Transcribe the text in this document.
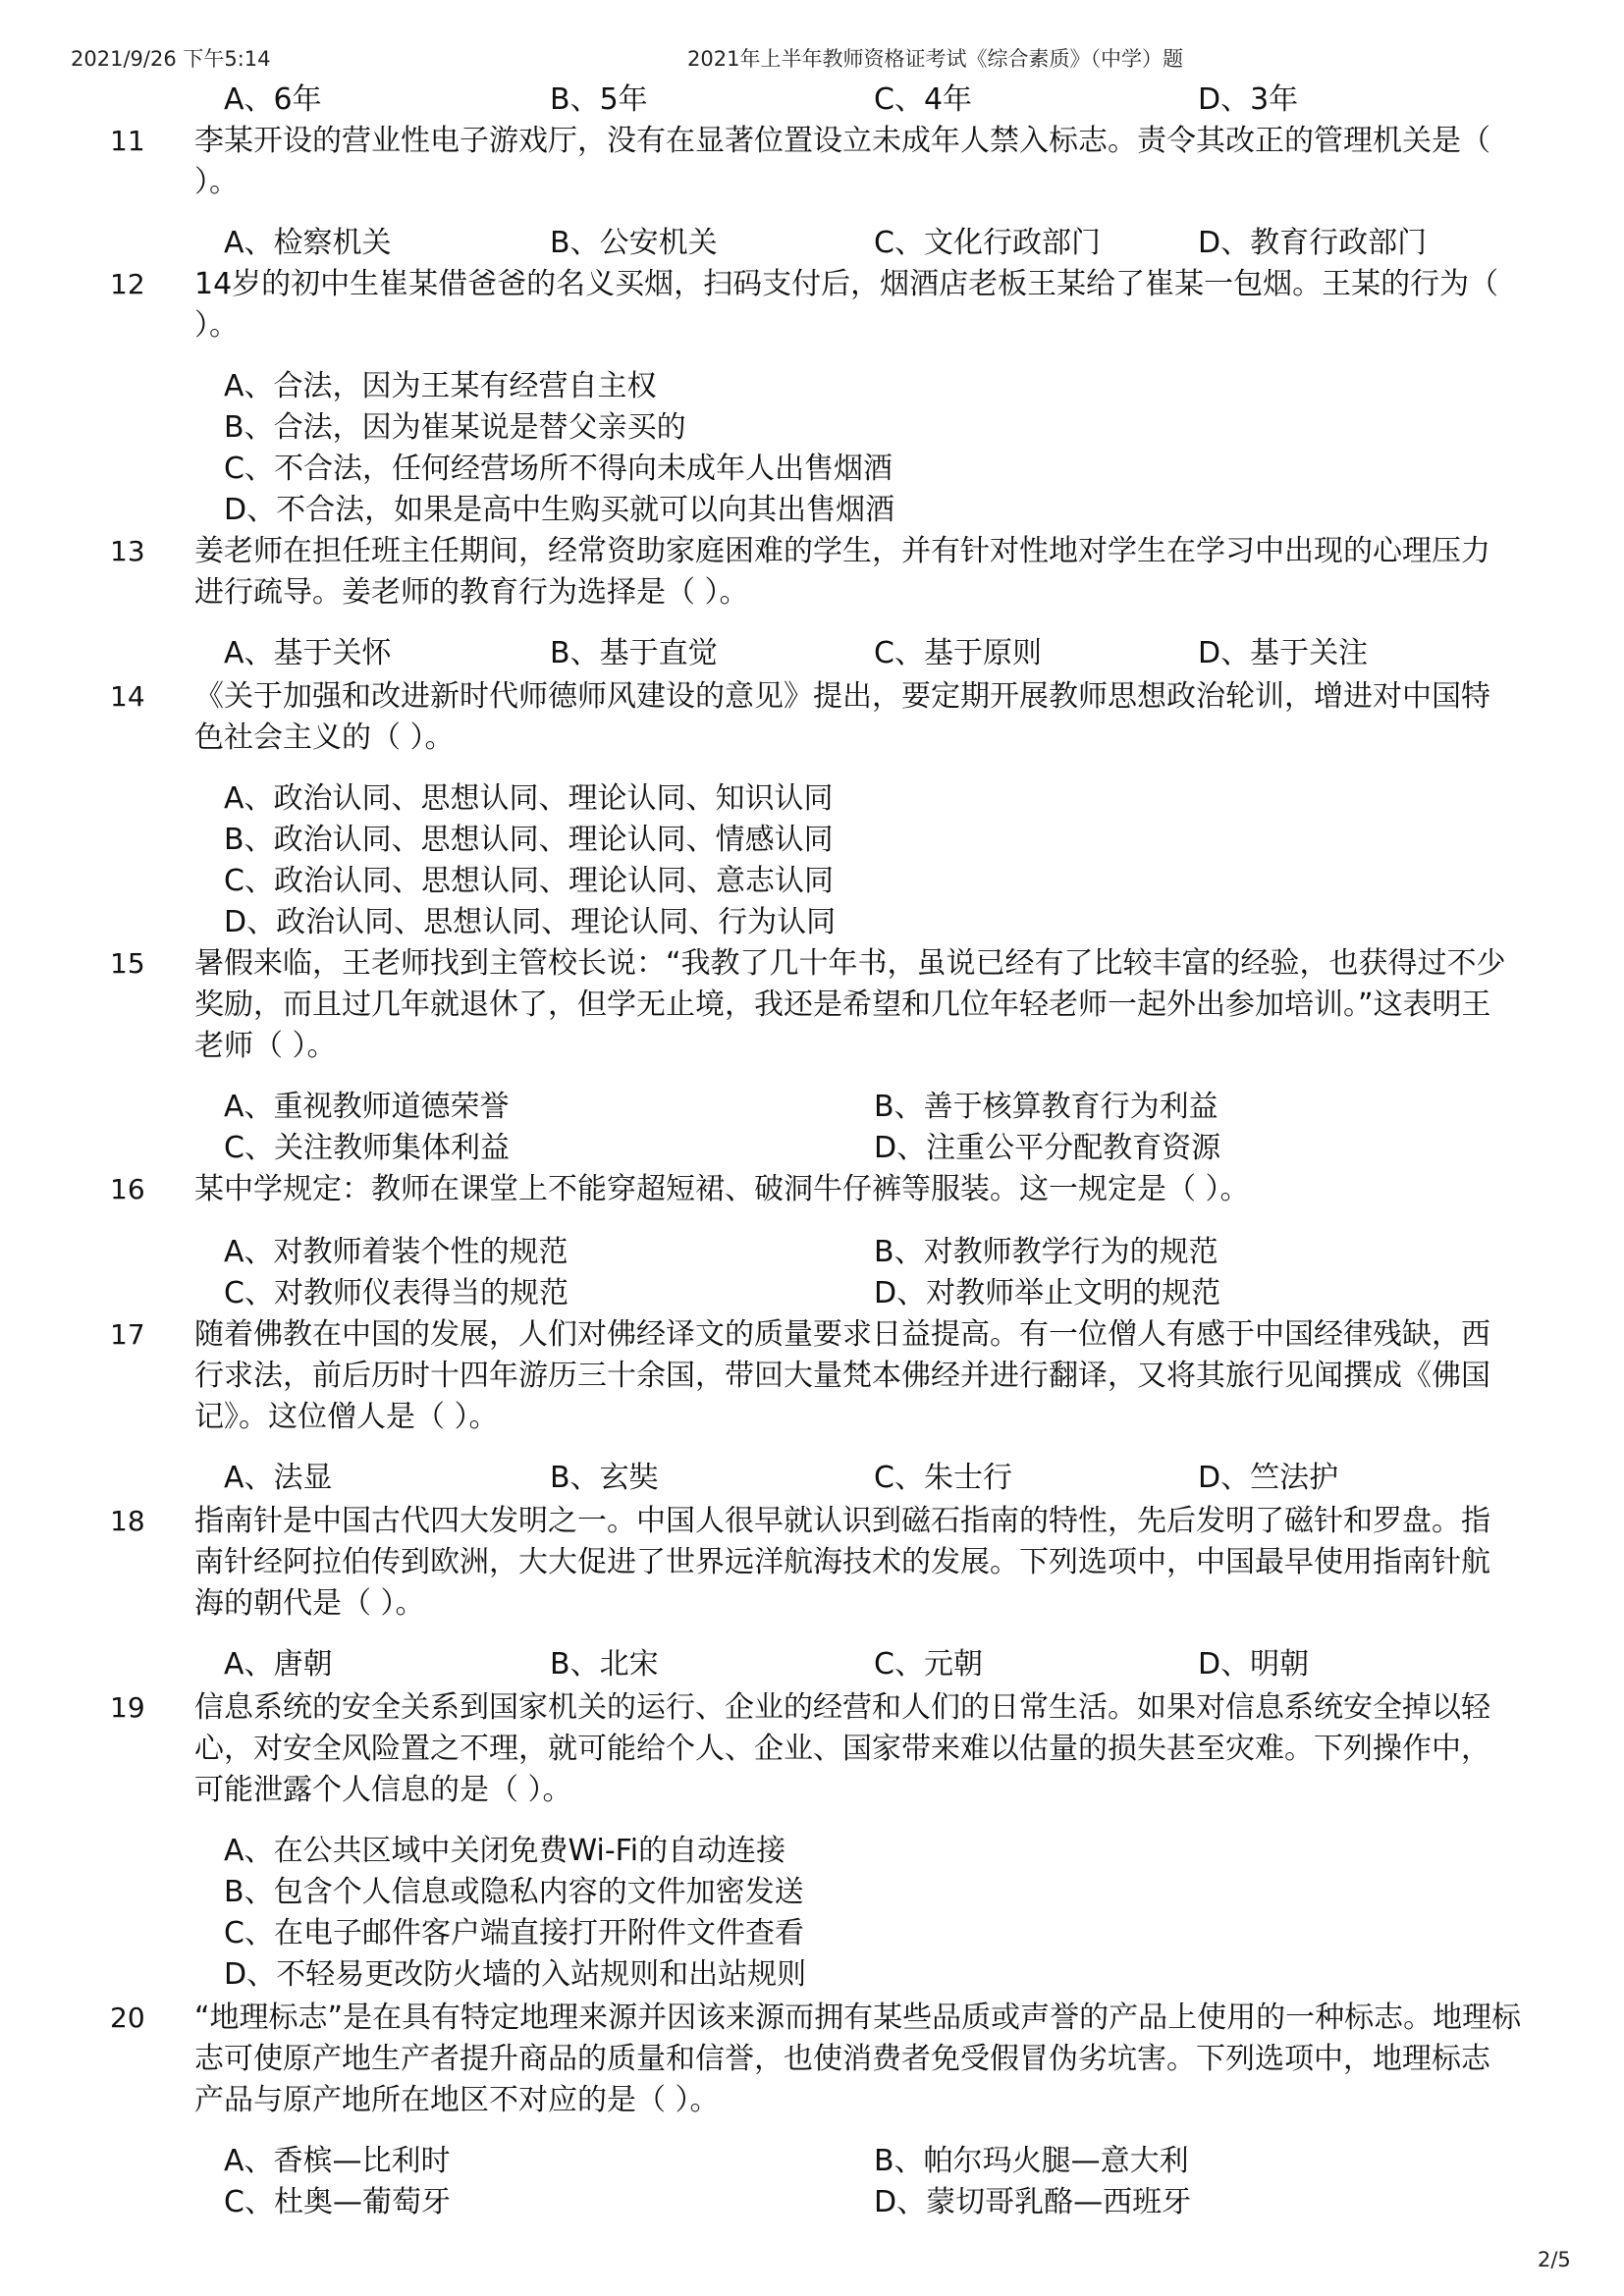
2021/9/26 下午5:14	2021年上半年教师资格证考试《综合素质》（中学）题
A、6年	B、5年	C、4年	D、3年
11 李某开设的营业性电子游戏厅，没有在显著位置设立未成年人禁入标志。责令其改正的管理机关是（
）。
A、检察机关	B、公安机关	C、文化行政部门	D、教育行政部门
12 14岁的初中生崔某借爸爸的名义买烟，扫码支付后，烟酒店老板王某给了崔某一包烟。王某的行为（
）。
A、合法，因为王某有经营自主权
B、合法，因为崔某说是替父亲买的
C、不合法，任何经营场所不得向未成年人出售烟酒
D、不合法，如果是高中生购买就可以向其出售烟酒
13 姜老师在担任班主任期间，经常资助家庭困难的学生，并有针对性地对学生在学习中出现的心理压力
进行疏导。姜老师的教育行为选择是（ ）。
A、基于关怀	B、基于直觉	C、基于原则	D、基于关注
14 《关于加强和改进新时代师德师风建设的意见》提出，要定期开展教师思想政治轮训，增进对中国特
色社会主义的（ ）。
A、政治认同、思想认同、理论认同、知识认同
B、政治认同、思想认同、理论认同、情感认同
C、政治认同、思想认同、理论认同、意志认同
D、政治认同、思想认同、理论认同、行为认同
15 暑假来临，王老师找到主管校长说：“我教了几十年书，虽说已经有了比较丰富的经验，也获得过不少
奖励，而且过几年就退休了，但学无止境，我还是希望和几位年轻老师一起外出参加培训。”这表明王
老师（ ）。
A、重视教师道德荣誉	B、善于核算教育行为利益
C、关注教师集体利益	D、注重公平分配教育资源
16 某中学规定：教师在课堂上不能穿超短裙、破洞牛仔裤等服装。这一规定是（ ）。
A、对教师着装个性的规范	B、对教师教学行为的规范
C、对教师仪表得当的规范	D、对教师举止文明的规范
17 随着佛教在中国的发展，人们对佛经译文的质量要求日益提高。有一位僧人有感于中国经律残缺，西
行求法，前后历时十四年游历三十余国，带回大量梵本佛经并进行翻译，又将其旅行见闻撰成《佛国
记》。这位僧人是（ ）。
A、法显	B、玄奘	C、朱士行	D、竺法护
18 指南针是中国古代四大发明之一。中国人很早就认识到磁石指南的特性，先后发明了磁针和罗盘。指
南针经阿拉伯传到欧洲，大大促进了世界远洋航海技术的发展。下列选项中，中国最早使用指南针航
海的朝代是（ ）。
A、唐朝	B、北宋	C、元朝	D、明朝
19 信息系统的安全关系到国家机关的运行、企业的经营和人们的日常生活。如果对信息系统安全掉以轻
心，对安全风险置之不理，就可能给个人、企业、国家带来难以估量的损失甚至灾难。下列操作中，
可能泄露个人信息的是（ ）。
A、在公共区域中关闭免费Wi-Fi的自动连接
B、包含个人信息或隐私内容的文件加密发送
C、在电子邮件客户端直接打开附件文件查看
D、不轻易更改防火墙的入站规则和出站规则
20 “地理标志”是在具有特定地理来源并因该来源而拥有某些品质或声誉的产品上使用的一种标志。地理标
志可使原产地生产者提升商品的质量和信誉，也使消费者免受假冒伪劣坑害。下列选项中，地理标志
产品与原产地所在地区不对应的是（ ）。
A、香槟—比利时	B、帕尔玛火腿—意大利
C、杜奥—葡萄牙	D、蒙切哥乳酪—西班牙
2/5
